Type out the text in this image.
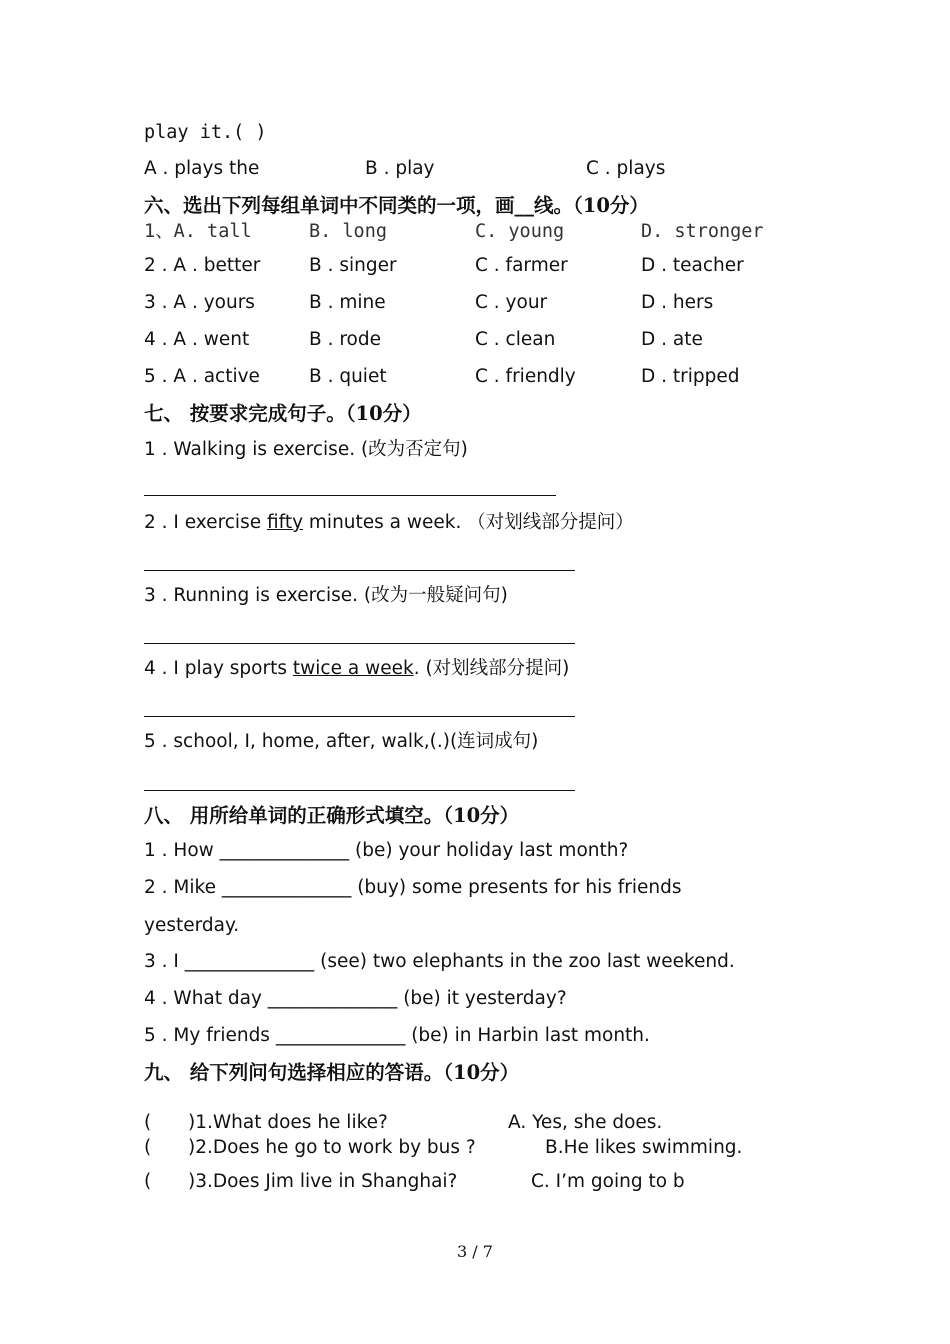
play it.( )
A . plays the	B . play	C . plays
六、选出下列每组单词中不同类的一项，画__线。（10分）
1、A. tall	B. long	C. young	D. stronger
2 . A . better	B . singer	C . farmer	D . teacher
3 . A . yours	B . mine	C . your	D . hers
4 . A . went	B . rode	C . clean	D . ate
5 . A . active	B . quiet	C . friendly	D . tripped
七、 按要求完成句子。（10分）
1 . Walking is exercise. (改为否定句)
2 . I exercise fifty minutes a week. （对划线部分提问）
3 . Running is exercise. (改为一般疑问句)
4 . I play sports twice a week. (对划线部分提问)
5 . school, I, home, after, walk,(.)(连词成句)
八、 用所给单词的正确形式填空。（10分）
1 . How ______________ (be) your holiday last month?
2 . Mike ______________ (buy) some presents for his friends
yesterday.
3 . I ______________ (see) two elephants in the zoo last weekend.
4 . What day ______________ (be) it yesterday?
5 . My friends ______________ (be) in Harbin last month.
九、 给下列问句选择相应的答语。（10分）
( )1.What does he like?	A. Yes, she does.
( )2.Does he go to work by bus ?	B.He likes swimming.
( )3.Does Jim live in Shanghai?	C. I’m going to b
3 / 7
